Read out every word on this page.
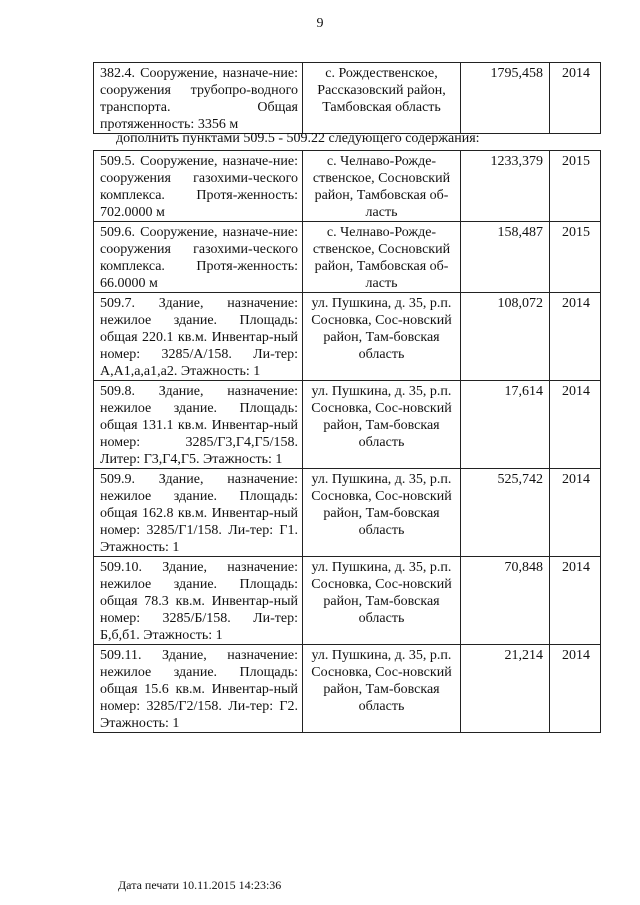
9
382.4. Сооружение, назначе-ние: сооружения трубопро-водного транспорта. Общая протяженность: 3356 м	с. Рождественское, Рассказовский район, Тамбовская область	1795,458	2014
дополнить пунктами 509.5 - 509.22 следующего содержания:
509.5. Сооружение, назначе-ние: сооружения газохими-ческого комплекса. Протя-женность: 702.0000 м	с. Челнаво-Рожде-ственское, Сосновский район, Тамбовская об-ласть	1233,379	2015
509.6. Сооружение, назначе-ние: сооружения газохими-ческого комплекса. Протя-женность: 66.0000 м	с. Челнаво-Рожде-ственское, Сосновский район, Тамбовская об-ласть	158,487	2015
509.7. Здание, назначение: нежилое здание. Площадь: общая 220.1 кв.м. Инвентар-ный номер: 3285/А/158. Ли-тер: А,А1,а,а1,а2. Этажность: 1	ул. Пушкина, д. 35, р.п. Сосновка, Сос-новский район, Там-бовская область	108,072	2014
509.8. Здание, назначение: нежилое здание. Площадь: общая 131.1 кв.м. Инвентар-ный номер: 3285/Г3,Г4,Г5/158. Литер: Г3,Г4,Г5. Этажность: 1	ул. Пушкина, д. 35, р.п. Сосновка, Сос-новский район, Там-бовская область	17,614	2014
509.9. Здание, назначение: нежилое здание. Площадь: общая 162.8 кв.м. Инвентар-ный номер: 3285/Г1/158. Ли-тер: Г1. Этажность: 1	ул. Пушкина, д. 35, р.п. Сосновка, Сос-новский район, Там-бовская область	525,742	2014
509.10. Здание, назначение: нежилое здание. Площадь: общая 78.3 кв.м. Инвентар-ный номер: 3285/Б/158. Ли-тер: Б,б,б1. Этажность: 1	ул. Пушкина, д. 35, р.п. Сосновка, Сос-новский район, Там-бовская область	70,848	2014
509.11. Здание, назначение: нежилое здание. Площадь: общая 15.6 кв.м. Инвентар-ный номер: 3285/Г2/158. Ли-тер: Г2. Этажность: 1	ул. Пушкина, д. 35, р.п. Сосновка, Сос-новский район, Там-бовская область	21,214	2014
Дата печати 10.11.2015 14:23:36
